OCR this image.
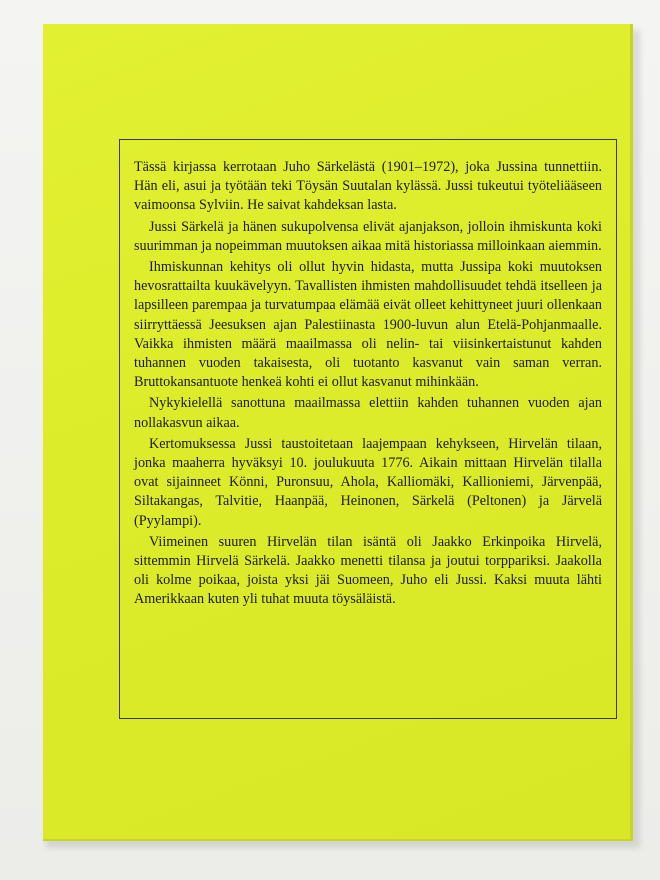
Tässä kirjassa kerrotaan Juho Särkelästä (1901–1972), joka Jussina tunnettiin. Hän eli, asui ja työtään teki Töysän Suutalan kylässä. Jussi tukeutui työteliääseen vaimoonsa Sylviin. He saivat kahdeksan lasta.

Jussi Särkelä ja hänen sukupolvensa elivät ajanjakson, jolloin ihmiskunta koki suurimman ja nopeimman muutoksen aikaa mitä historiassa milloinkaan aiemmin.

Ihmiskunnan kehitys oli ollut hyvin hidasta, mutta Jussipa koki muutoksen hevosrattailta kuukävelyyn. Tavallisten ihmisten mahdollisuudet tehdä itselleen ja lapsilleen parempaa ja turvatumpaa elämää eivät olleet kehittyneet juuri ollenkaan siirryttäessä Jeesuksen ajan Palestiinasta 1900-luvun alun Etelä-Pohjanmaalle. Vaikka ihmisten määrä maailmassa oli nelin- tai viisinkertaistunut kahden tuhannen vuoden takaisesta, oli tuotanto kasvanut vain saman verran. Bruttokansantuote henkeä kohti ei ollut kasvanut mihinkään.

Nykykielellä sanottuna maailmassa elettiin kahden tuhannen vuoden ajan nollakasvun aikaa.

Kertomuksessa Jussi taustoitetaan laajempaan kehykseen, Hirvelän tilaan, jonka maaherra hyväksyi 10. joulukuuta 1776. Aikain mittaan Hirvelän tilalla ovat sijainneet Könni, Puronsuu, Ahola, Kalliomäki, Kallioniemi, Järvenpää, Siltakangas, Talvitie, Haanpää, Heinonen, Särkelä (Peltonen) ja Järvelä (Pyylampi).

Viimeinen suuren Hirvelän tilan isäntä oli Jaakko Erkinpoika Hirvelä, sittemmin Hirvelä Särkelä. Jaakko menetti tilansa ja joutui torppariksi. Jaakolla oli kolme poikaa, joista yksi jäi Suomeen, Juho eli Jussi. Kaksi muuta lähti Amerikkaan kuten yli tuhat muuta töysäläistä.
